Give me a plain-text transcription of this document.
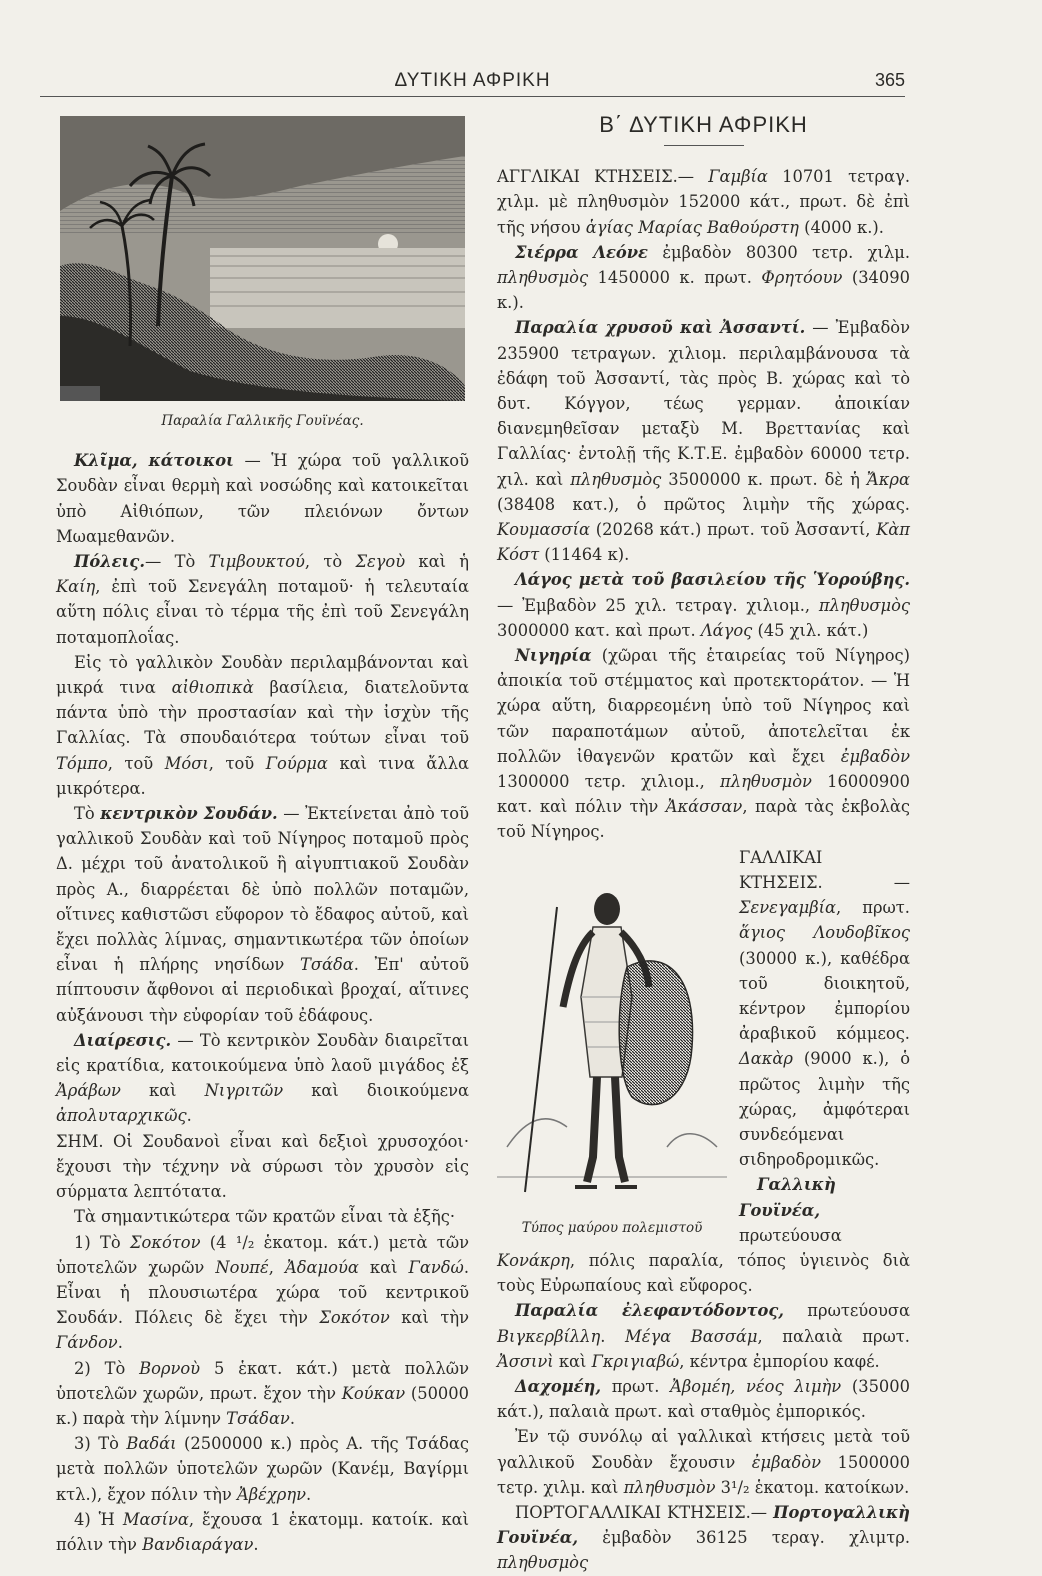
ΔΥΤΙΚΗ ΑΦΡΙΚΗ	365
Παραλία Γαλλικῆς Γουϊνέας.

Κλῖμα, κάτοικοι — Ἡ χώρα τοῦ γαλλικοῦ Σουδὰν εἶναι θερμὴ καὶ νοσώδης καὶ κατοικεῖται ὑπὸ Αἰθιόπων, τῶν πλειόνων ὄντων Μωαμεθανῶν.

Πόλεις.— Τὸ Τιμβουκτού, τὸ Σεγοὺ καὶ ἡ Καίη, ἐπὶ τοῦ Σενεγάλη ποταμοῦ· ἡ τελευταία αὕτη πόλις εἶναι τὸ τέρμα τῆς ἐπὶ τοῦ Σενεγάλη ποταμοπλοΐας.

Εἰς τὸ γαλλικὸν Σουδὰν περιλαμβάνονται καὶ μικρά τινα αἰθιοπικὰ βασίλεια, διατελοῦντα πάντα ὑπὸ τὴν προστασίαν καὶ τὴν ἰσχὺν τῆς Γαλλίας. Τὰ σπουδαιότερα τούτων εἶναι τοῦ Τόμπο, τοῦ Μόσι, τοῦ Γούρμα καὶ τινα ἄλλα μικρότερα.

Τὸ κεντρικὸν Σουδάν. — Ἐκτείνεται ἀπὸ τοῦ γαλλικοῦ Σουδὰν καὶ τοῦ Νίγηρος ποταμοῦ πρὸς Δ. μέχρι τοῦ ἀνατολικοῦ ἢ αἰγυπτιακοῦ Σουδὰν πρὸς Α., διαρρέεται δὲ ὑπὸ πολλῶν ποταμῶν, οἵτινες καθιστῶσι εὔφορον τὸ ἔδαφος αὐτοῦ, καὶ ἔχει πολλὰς λίμνας, σημαντικωτέρα τῶν ὁποίων εἶναι ἡ πλήρης νησίδων Τσάδα. Ἐπ' αὐτοῦ πίπτουσιν ἄφθονοι αἱ περιοδικαὶ βροχαί, αἵτινες αὐξάνουσι τὴν εὐφορίαν τοῦ ἐδάφους.

Διαίρεσις. — Τὸ κεντρικὸν Σουδὰν διαιρεῖται εἰς κρατίδια, κατοικούμενα ὑπὸ λαοῦ μιγάδος ἐξ Ἀράβων καὶ Νιγριτῶν καὶ διοικούμενα ἀπολυταρχικῶς.

ΣΗΜ. Οἱ Σουδανοὶ εἶναι καὶ δεξιοὶ χρυσοχόοι· ἔχουσι τὴν τέχνην νὰ σύρωσι τὸν χρυσὸν εἰς σύρματα λεπτότατα.

Τὰ σημαντικώτερα τῶν κρατῶν εἶναι τὰ ἑξῆς·

1) Τὸ Σοκότον (4 ¹/₂ ἑκατομ. κάτ.) μετὰ τῶν ὑποτελῶν χωρῶν Νουπέ, Ἀδαμούα καὶ Γανδώ. Εἶναι ἡ πλουσιωτέρα χώρα τοῦ κεντρικοῦ Σουδάν. Πόλεις δὲ ἔχει τὴν Σοκότον καὶ τὴν Γάνδον.

2) Τὸ Βορνοὺ 5 ἑκατ. κάτ.) μετὰ πολλῶν ὑποτελῶν χωρῶν, πρωτ. ἔχον τὴν Κούκαν (50000 κ.) παρὰ τὴν λίμνην Τσάδαν.

3) Τὸ Βαδάι (2500000 κ.) πρὸς Α. τῆς Τσάδας μετὰ πολλῶν ὑποτελῶν χωρῶν (Κανέμ, Βαγίρμι κτλ.), ἔχον πόλιν τὴν Ἀβέχρην.

4) Ἡ Μασίνα, ἔχουσα 1 ἑκατομμ. κατοίκ. καὶ πόλιν τὴν Βανδιαράγαν.

Β΄ ΔΥΤΙΚΗ ΑΦΡΙΚΗ

ΑΓΓΛΙΚΑΙ ΚΤΗΣΕΙΣ.— Γαμβία 10701 τετραγ. χιλμ. μὲ πληθυσμὸν 152000 κάτ., πρωτ. δὲ ἐπὶ τῆς νήσου ἁγίας Μαρίας Βαθούρστη (4000 κ.).

Σιέρρα Λεόνε ἐμβαδὸν 80300 τετρ. χιλμ. πληθυσμὸς 1450000 κ. πρωτ. Φρητόουν (34090 κ.).

Παραλία χρυσοῦ καὶ Ἀσσαντί. — Ἐμβαδὸν 235900 τετραγων. χιλιομ. περιλαμβάνουσα τὰ ἐδάφη τοῦ Ἀσσαντί, τὰς πρὸς Β. χώρας καὶ τὸ δυτ. Κόγγον, τέως γερμαν. ἀποικίαν διανεμηθεῖσαν μεταξὺ Μ. Βρεττανίας καὶ Γαλλίας· ἐντολῇ τῆς Κ.Τ.Ε. ἐμβαδὸν 60000 τετρ. χιλ. καὶ πληθυσμὸς 3500000 κ. πρωτ. δὲ ἡ Ἄκρα (38408 κατ.), ὁ πρῶτος λιμὴν τῆς χώρας. Κουμασσία (20268 κάτ.) πρωτ. τοῦ Ἀσσαντί, Κὰπ Κόστ (11464 κ).

Λάγος μετὰ τοῦ βασιλείου τῆς Ὑορούβης.— Ἐμβαδὸν 25 χιλ. τετραγ. χιλιομ., πληθυσμὸς 3000000 κατ. καὶ πρωτ. Λάγος (45 χιλ. κάτ.)

Νιγηρία (χῶραι τῆς ἑταιρείας τοῦ Νίγηρος) ἀποικία τοῦ στέμματος καὶ προτεκτοράτον. — Ἡ χώρα αὕτη, διαρρεομένη ὑπὸ τοῦ Νίγηρος καὶ τῶν παραποτάμων αὐτοῦ, ἀποτελεῖται ἐκ πολλῶν ἰθαγενῶν κρατῶν καὶ ἔχει ἐμβαδὸν 1300000 τετρ. χιλιομ., πληθυσμὸν 16000900 κατ. καὶ πόλιν τὴν Ἀκάσσαν, παρὰ τὰς ἐκβολὰς τοῦ Νίγηρος.

Τύπος μαύρου πολεμιστοῦ

ΓΑΛΛΙΚΑΙ ΚΤΗΣΕΙΣ. — Σενεγαμβία, πρωτ. ἅγιος Λουδοβῖκος (30000 κ.), καθέδρα τοῦ διοικητοῦ, κέντρον ἐμπορίου ἀραβικοῦ κόμμεος. Δακὰρ (9000 κ.), ὁ πρῶτος λιμὴν τῆς χώρας, ἀμφότεραι συνδεόμεναι σιδηροδρομικῶς.

Γαλλικὴ Γουϊνέα, πρωτεύουσα Κονάκρη, πόλις παραλία, τόπος ὑγιεινὸς διὰ τοὺς Εὐρωπαίους καὶ εὔφορος.

Παραλία ἐλεφαντόδοντος, πρωτεύουσα Βιγκερβίλλη. Μέγα Βασσάμ, παλαιὰ πρωτ. Ἀσσινὶ καὶ Γκριγιαβώ, κέντρα ἐμπορίου καφέ.

Δαχομέη, πρωτ. Ἀβομέη, νέος λιμὴν (35000 κάτ.), παλαιὰ πρωτ. καὶ σταθμὸς ἐμπορικός.

Ἐν τῷ συνόλῳ αἱ γαλλικαὶ κτήσεις μετὰ τοῦ γαλλικοῦ Σουδὰν ἔχουσιν ἐμβαδὸν 1500000 τετρ. χιλμ. καὶ πληθυσμὸν 3¹/₂ ἑκατομ. κατοίκων.

ΠΟΡΤΟΓΑΛΛΙΚΑΙ ΚΤΗΣΕΙΣ.— Πορτογαλλικὴ Γουϊνέα, ἐμβαδὸν 36125 τεραγ. χλιμτρ. πληθυσμὸς
